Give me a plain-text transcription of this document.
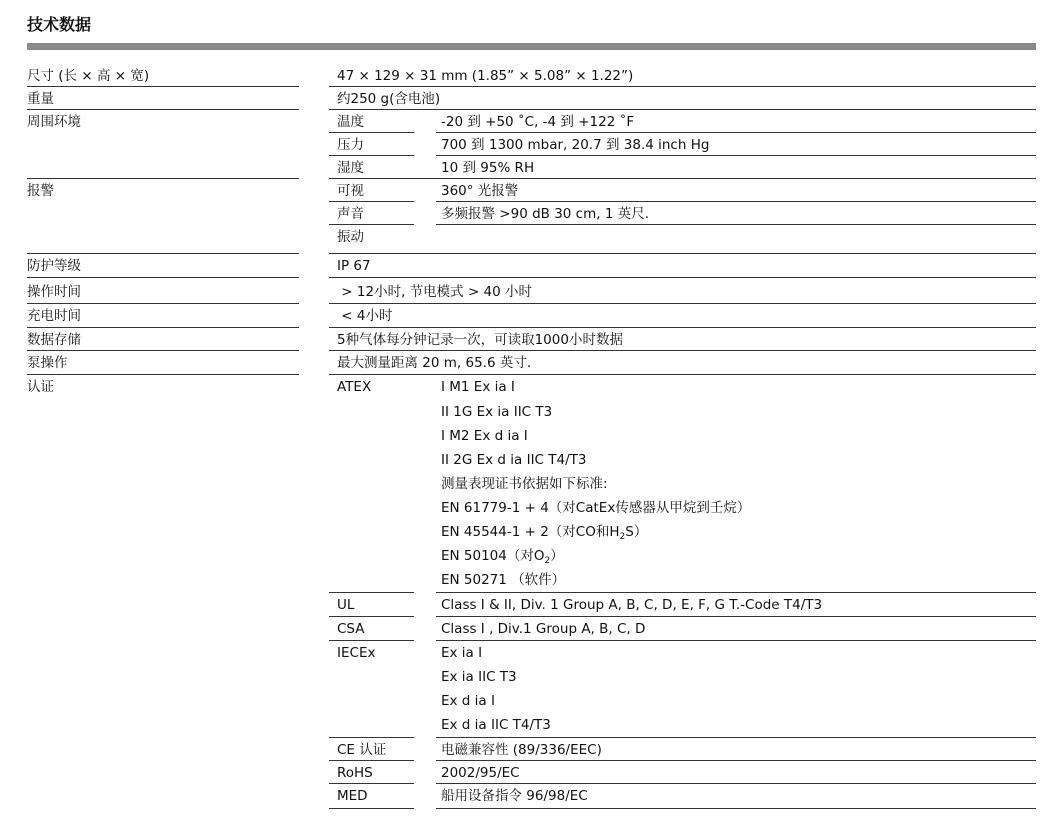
技术数据
尺寸 (长 × 高 × 宽)	47 × 129 × 31 mm (1.85” × 5.08” × 1.22”)
重量	约250 g(含电池)
周围环境	温度	-20 到 +50 ˚C, -4 到 +122 ˚F
压力	700 到 1300 mbar, 20.7 到 38.4 inch Hg
湿度	10 到 95% RH
报警	可视	360° 光报警
声音	多频报警 >90 dB 30 cm, 1 英尺.
振动
防护等级	IP 67
操作时间	> 12小时, 节电模式 > 40 小时
充电时间	< 4小时
数据存储	5种气体每分钟记录一次，可读取1000小时数据
泵操作	最大测量距离 20 m, 65.6 英寸.
认证	ATEX	I M1 Ex ia I
II 1G Ex ia IIC T3
I M2 Ex d ia I
II 2G Ex d ia IIC T4/T3
测量表现证书依据如下标准:
EN 61779-1 + 4（对CatEx传感器从甲烷到壬烷）
EN 45544-1 + 2（对CO和$H_2S$）
EN 50104（对$O_2$）
EN 50271 （软件）
UL	Class I & II, Div. 1 Group A, B, C, D, E, F, G T.-Code T4/T3
CSA	Class I , Div.1 Group A, B, C, D
IECEx	Ex ia I
Ex ia IIC T3
Ex d ia I
Ex d ia IIC T4/T3
CE 认证	电磁兼容性 (89/336/EEC)
RoHS	2002/95/EC
MED	船用设备指令 96/98/EC
